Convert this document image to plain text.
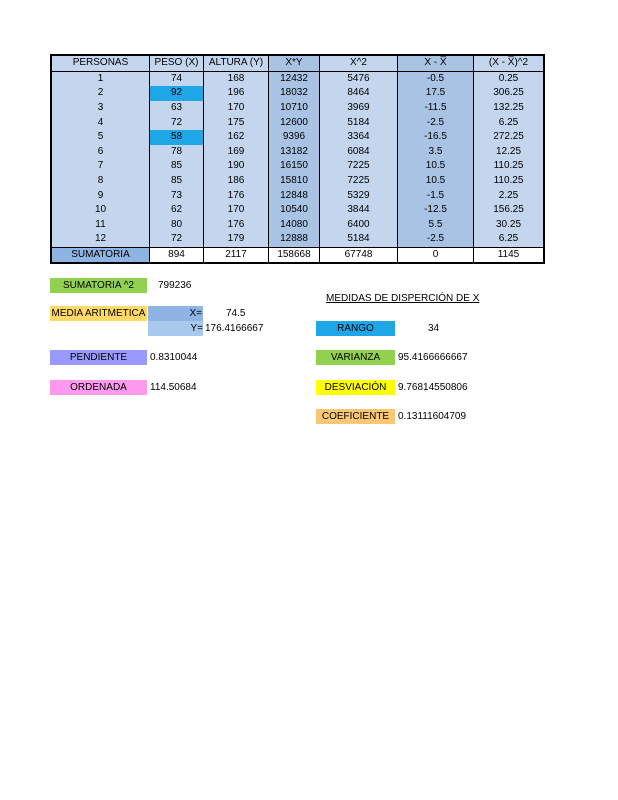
PERSONAS	PESO (X)	ALTURA (Y)	X*Y	X^2	X - X̅	(X - X̅)^2
1	74	168	12432	5476	-0.5	0.25
2	92	196	18032	8464	17.5	306.25
3	63	170	10710	3969	-11.5	132.25
4	72	175	12600	5184	-2.5	6.25
5	58	162	9396	3364	-16.5	272.25
6	78	169	13182	6084	3.5	12.25
7	85	190	16150	7225	10.5	110.25
8	85	186	15810	7225	10.5	110.25
9	73	176	12848	5329	-1.5	2.25
10	62	170	10540	3844	-12.5	156.25
11	80	176	14080	6400	5.5	30.25
12	72	179	12888	5184	-2.5	6.25
SUMATORIA	894	2117	158668	67748	0	1145
SUMATORIA ^2	799236
MEDIA ARITMETICA	X= 74.5
Y= 176.4166667
PENDIENTE	0.8310044
ORDENADA	114.50684
MEDIDAS DE DISPERCIÓN DE X
RANGO	34
VARIANZA	95.4166666667
DESVIACIÓN	9.76814550806
COEFICIENTE 0.13111604709
